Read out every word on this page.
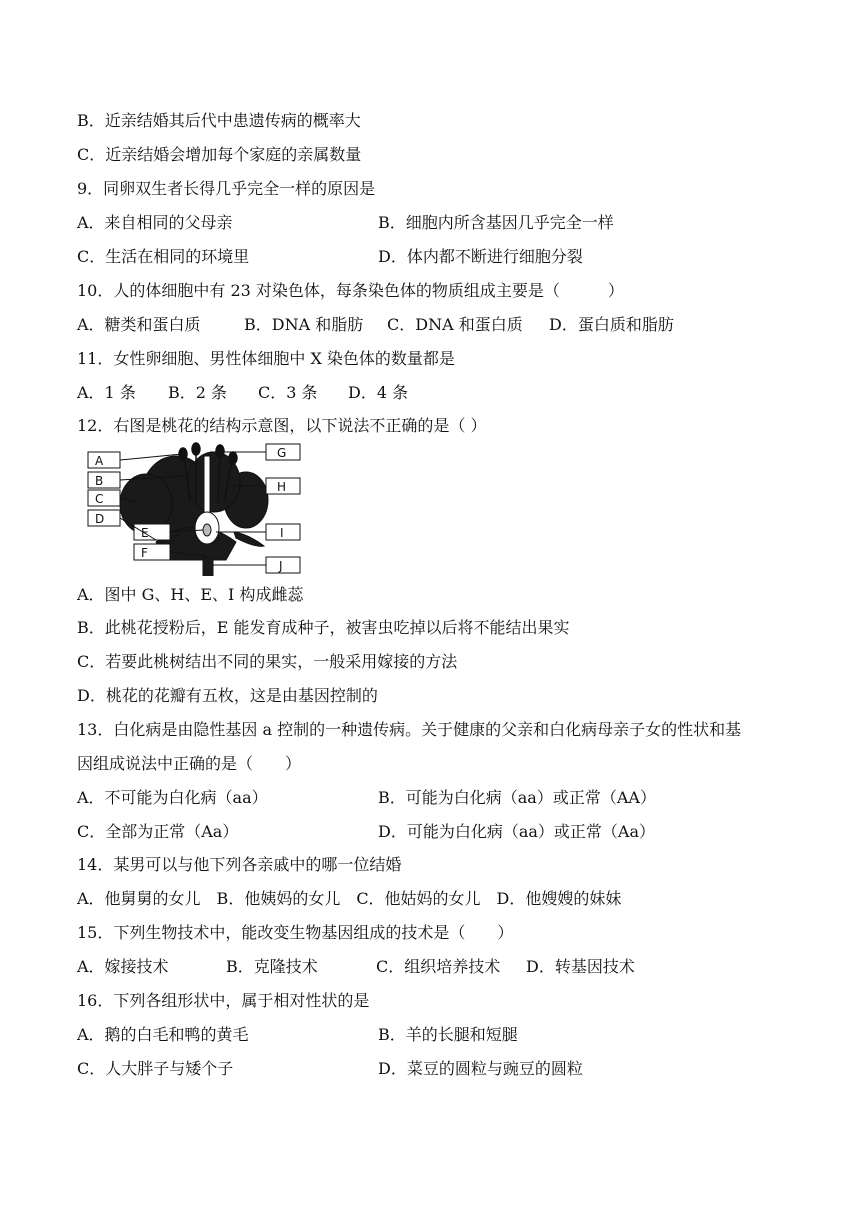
B．近亲结婚其后代中患遗传病的概率大
C．近亲结婚会增加每个家庭的亲属数量
9．同卵双生者长得几乎完全一样的原因是
A．来自相同的父母亲	B．细胞内所含基因几乎完全一样
C．生活在相同的环境里	D．体内都不断进行细胞分裂
10．人的体细胞中有 23 对染色体，每条染色体的物质组成主要是（　　　）
A．糖类和蛋白质	B．DNA 和脂肪 C．DNA 和蛋白质 D．蛋白质和脂肪
11．女性卵细胞、男性体细胞中 X 染色体的数量都是
A．1 条 B．2 条 C．3 条 D．4 条
12．右图是桃花的结构示意图，以下说法不正确的是（ ）
A
B
C
D
E
F
G
H
I
J
A．图中 G、H、E、I 构成雌蕊
B．此桃花授粉后，E 能发育成种子，被害虫吃掉以后将不能结出果实
C．若要此桃树结出不同的果实，一般采用嫁接的方法
D．桃花的花瓣有五枚，这是由基因控制的
13．白化病是由隐性基因 a 控制的一种遗传病。关于健康的父亲和白化病母亲子女的性状和基
因组成说法中正确的是（　　）
A．不可能为白化病（aa）	B．可能为白化病（aa）或正常（AA）
C．全部为正常（Aa）	D．可能为白化病（aa）或正常（Aa）
14．某男可以与他下列各亲戚中的哪一位结婚
A．他舅舅的女儿　B．他姨妈的女儿　C．他姑妈的女儿　D．他嫂嫂的妹妹
15．下列生物技术中，能改变生物基因组成的技术是（　　）
A．嫁接技术	B．克隆技术	C．组织培养技术 D．转基因技术
16．下列各组形状中，属于相对性状的是
A．鹅的白毛和鸭的黄毛	B．羊的长腿和短腿
C．人大胖子与矮个子	D．菜豆的圆粒与豌豆的圆粒
